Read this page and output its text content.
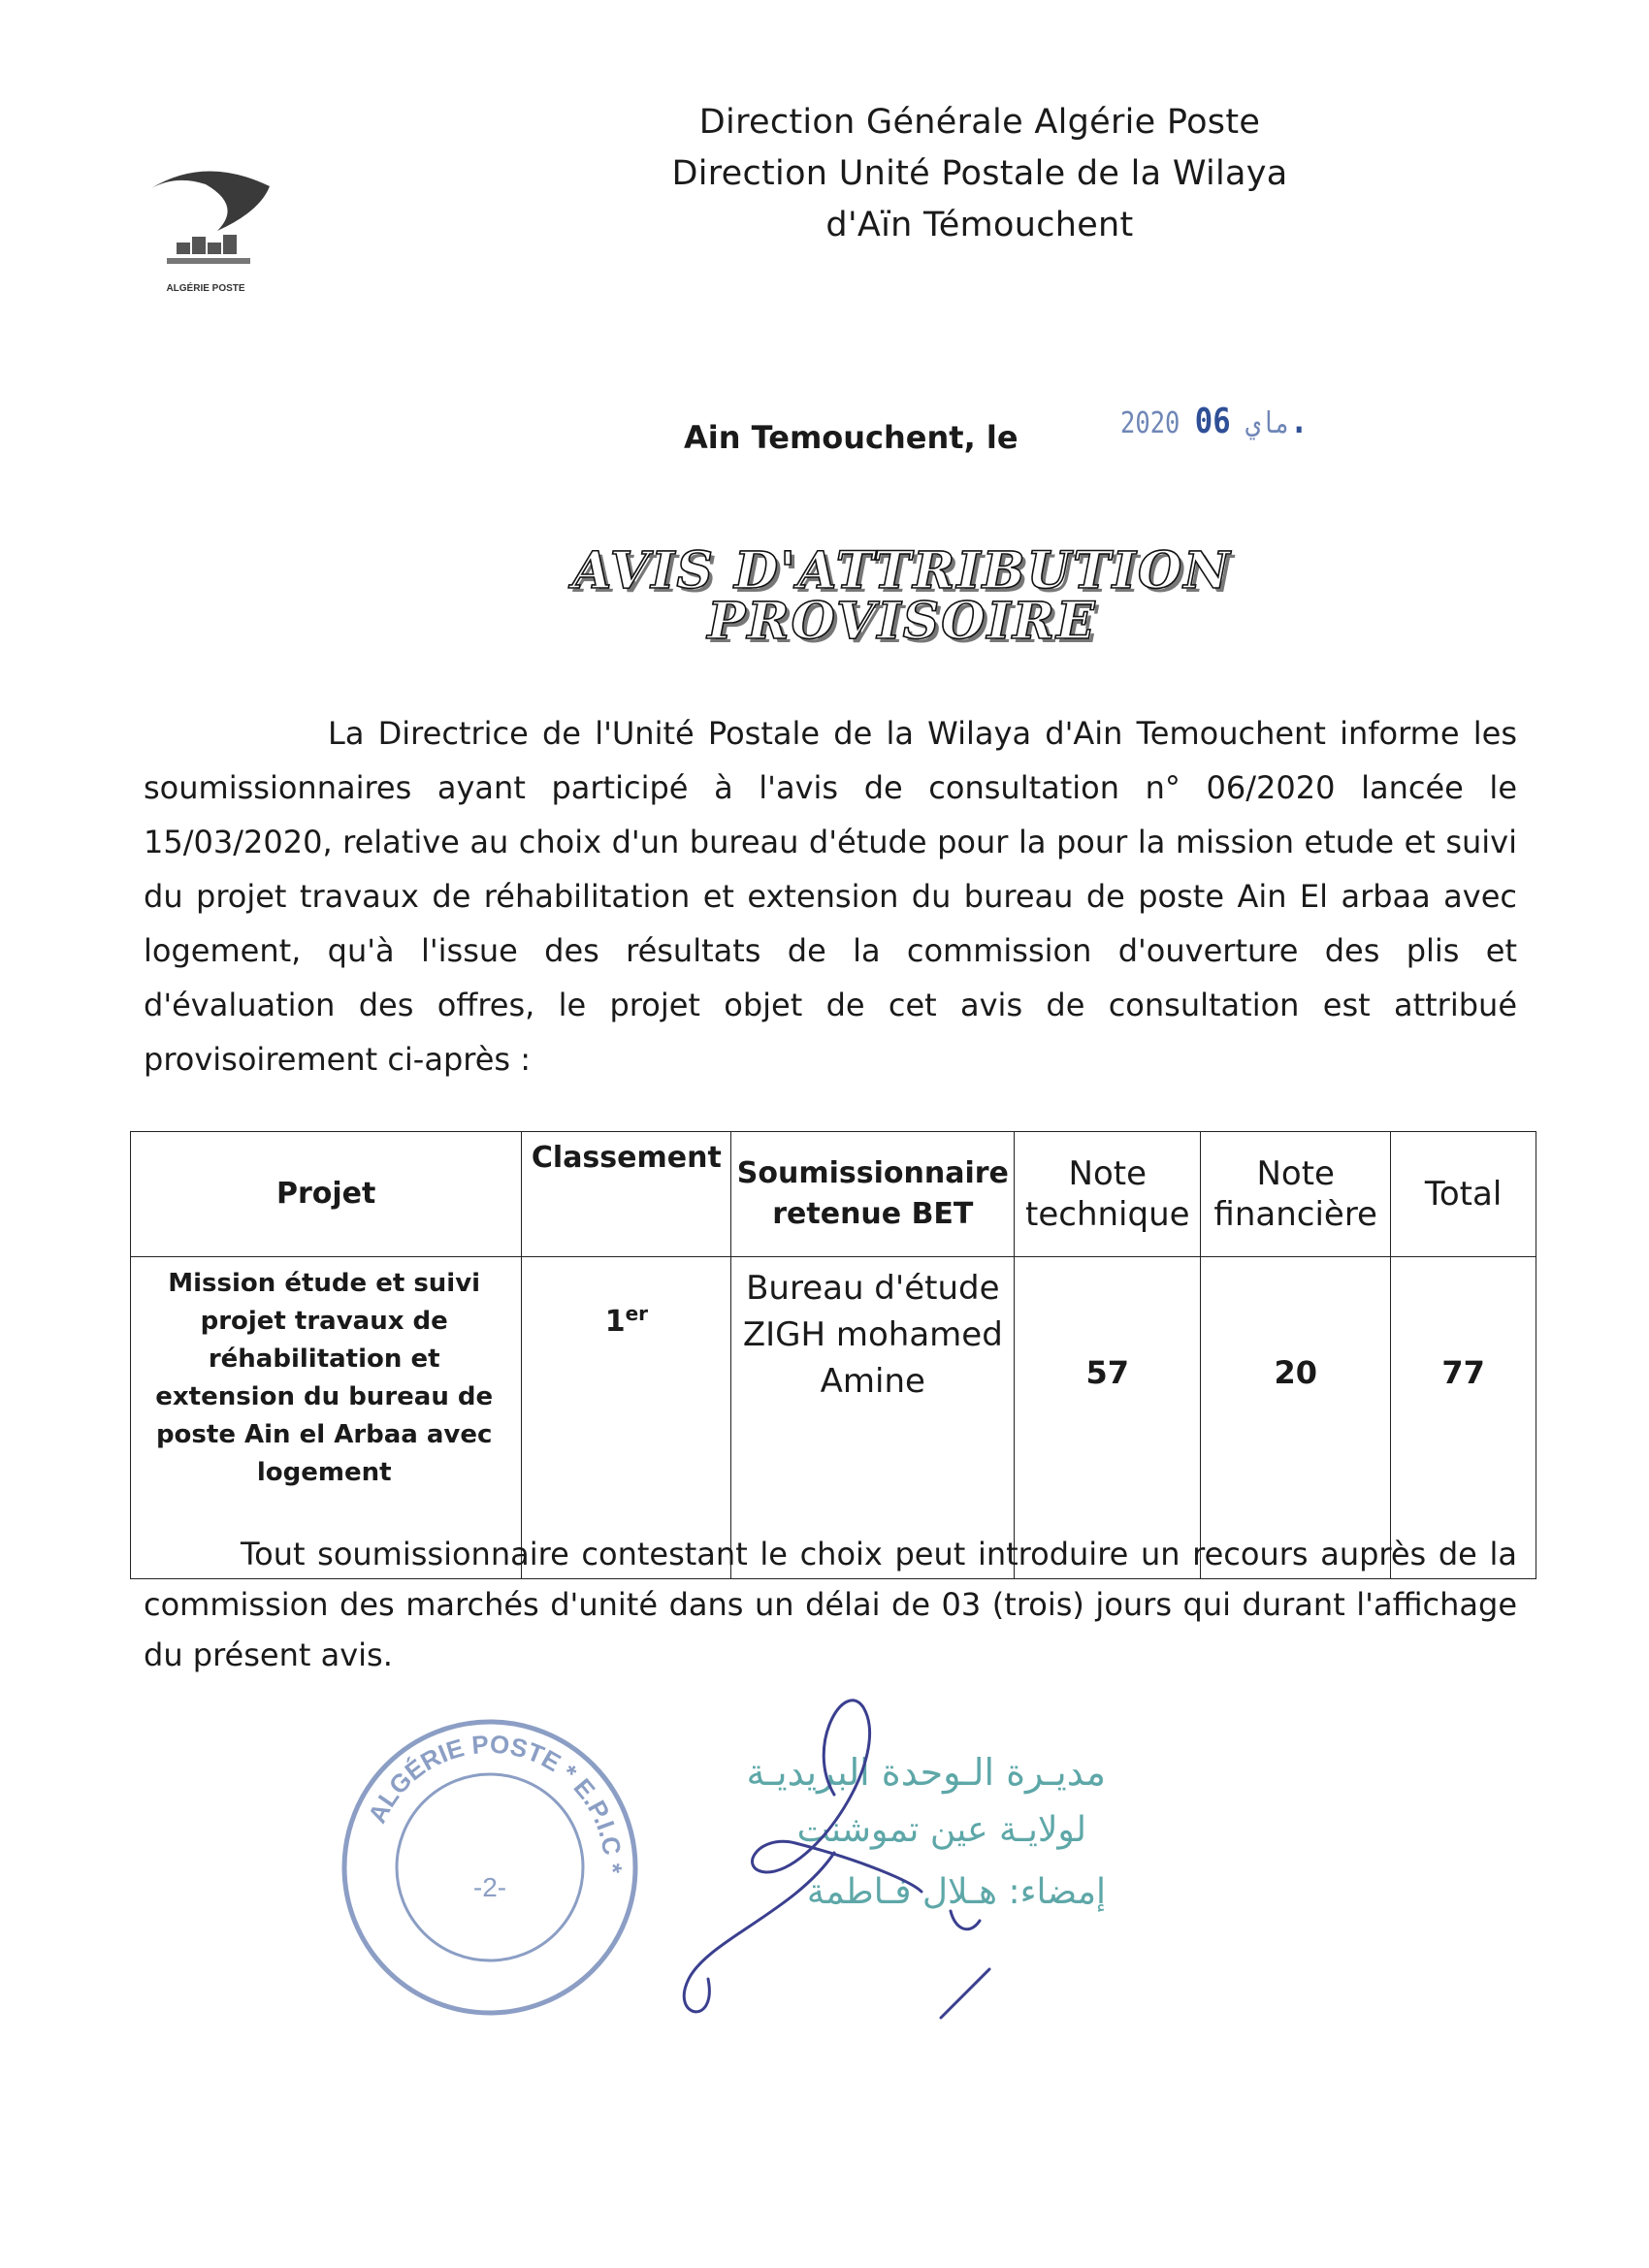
ALGÉRIE POSTE
Direction Générale Algérie Poste
Direction Unité Postale de la Wilaya
d'Aïn Témouchent
Ain Temouchent, le	2020 ماي 06.
AVIS D'ATTRIBUTION
PROVISOIRE
La Directrice de l'Unité Postale de la Wilaya d'Ain Temouchent informe les soumissionnaires ayant participé à l'avis de consultation n° 06/2020 lancée le 15/03/2020, relative au choix d'un bureau d'étude pour la pour la mission etude et suivi du projet travaux de réhabilitation et extension du bureau de poste Ain El arbaa avec logement, qu'à l'issue des résultats de la commission d'ouverture des plis et d'évaluation des offres, le projet objet de cet avis de consultation est attribué provisoirement ci-après :
Projet	Classement	Soumissionnaire retenue BET	Note technique	Note financière	Total
Mission étude et suivi projet travaux de réhabilitation et extension du bureau de poste Ain el Arbaa avec logement	1er	Bureau d'étude ZIGH mohamed Amine	57	20	77
Tout soumissionnaire contestant le choix peut introduire un recours auprès de la commission des marchés d'unité dans un délai de 03 (trois) jours qui durant l'affichage du présent avis.
ALGÉRIE POSTE * E.P.I.C *
-2-
مديـرة الـوحدة البريديـة
لولايـة عين تموشنت
إمضاء: هـلال فـاطمة
